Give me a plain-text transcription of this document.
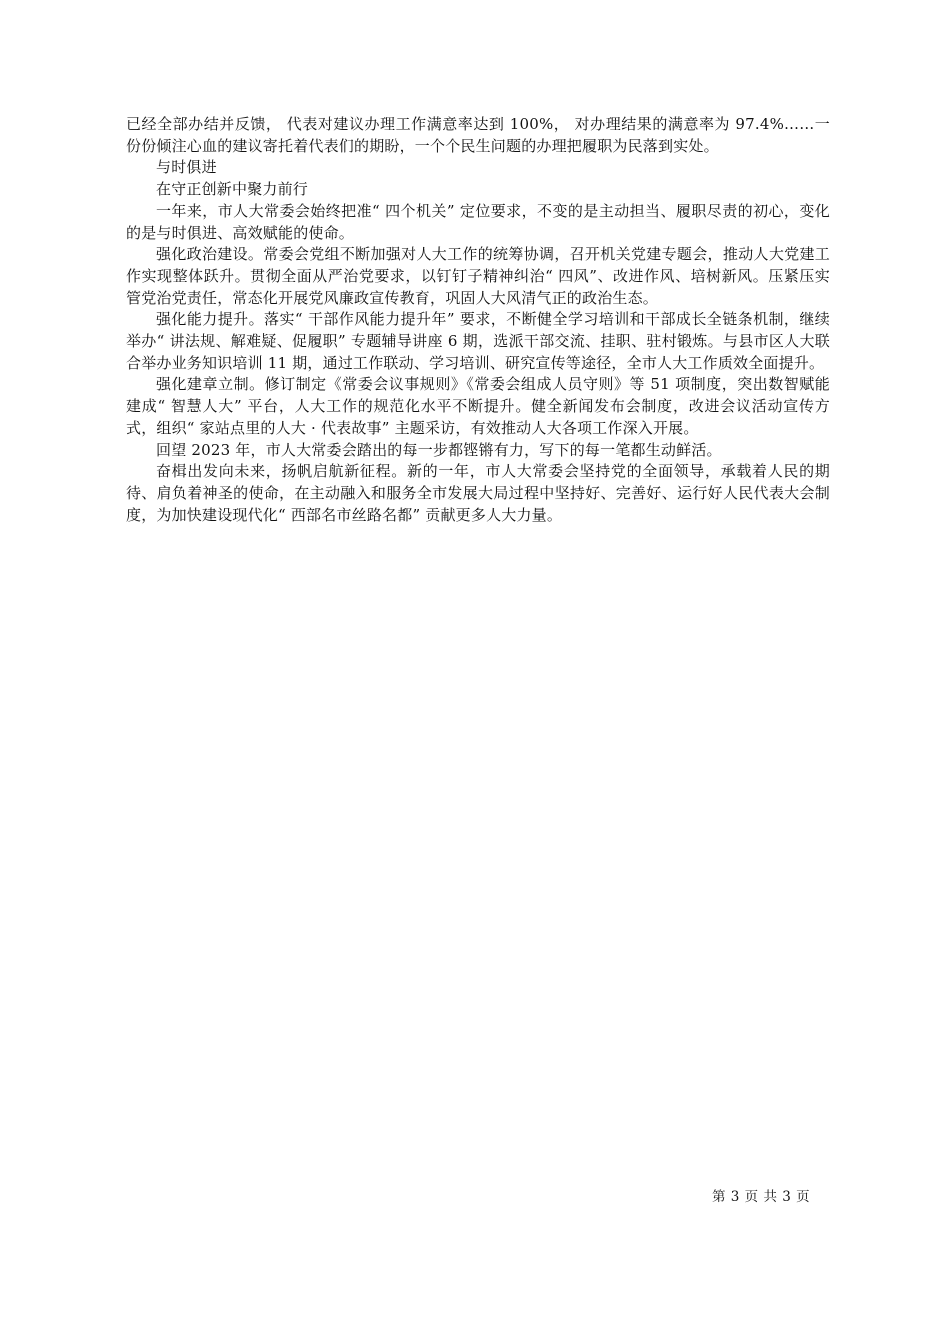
已经全部办结并反馈， 代表对建议办理工作满意率达到 100%， 对办理结果的满意率为 97.4%……一份份倾注心血的建议寄托着代表们的期盼，一个个民生问题的办理把履职为民落到实处。

与时俱进

在守正创新中聚力前行

一年来，市人大常委会始终把准“ 四个机关” 定位要求，不变的是主动担当、履职尽责的初心，变化的是与时俱进、高效赋能的使命。

强化政治建设。常委会党组不断加强对人大工作的统筹协调，召开机关党建专题会，推动人大党建工作实现整体跃升。贯彻全面从严治党要求，以钉钉子精神纠治“ 四风”、改进作风、培树新风。压紧压实管党治党责任，常态化开展党风廉政宣传教育，巩固人大风清气正的政治生态。

强化能力提升。落实“ 干部作风能力提升年” 要求，不断健全学习培训和干部成长全链条机制，继续举办“ 讲法规、解难疑、促履职” 专题辅导讲座 6 期，选派干部交流、挂职、驻村锻炼。与县市区人大联合举办业务知识培训 11 期，通过工作联动、学习培训、研究宣传等途径，全市人大工作质效全面提升。

强化建章立制。修订制定《常委会议事规则》《常委会组成人员守则》等 51 项制度，突出数智赋能建成“ 智慧人大” 平台，人大工作的规范化水平不断提升。健全新闻发布会制度，改进会议活动宣传方式，组织“ 家站点里的人大 · 代表故事” 主题采访，有效推动人大各项工作深入开展。

回望 2023 年，市人大常委会踏出的每一步都铿锵有力，写下的每一笔都生动鲜活。

奋楫出发向未来，扬帆启航新征程。新的一年，市人大常委会坚持党的全面领导，承载着人民的期待、肩负着神圣的使命，在主动融入和服务全市发展大局过程中坚持好、完善好、运行好人民代表大会制度，为加快建设现代化“ 西部名市丝路名都” 贡献更多人大力量。

第 3 页 共 3 页
